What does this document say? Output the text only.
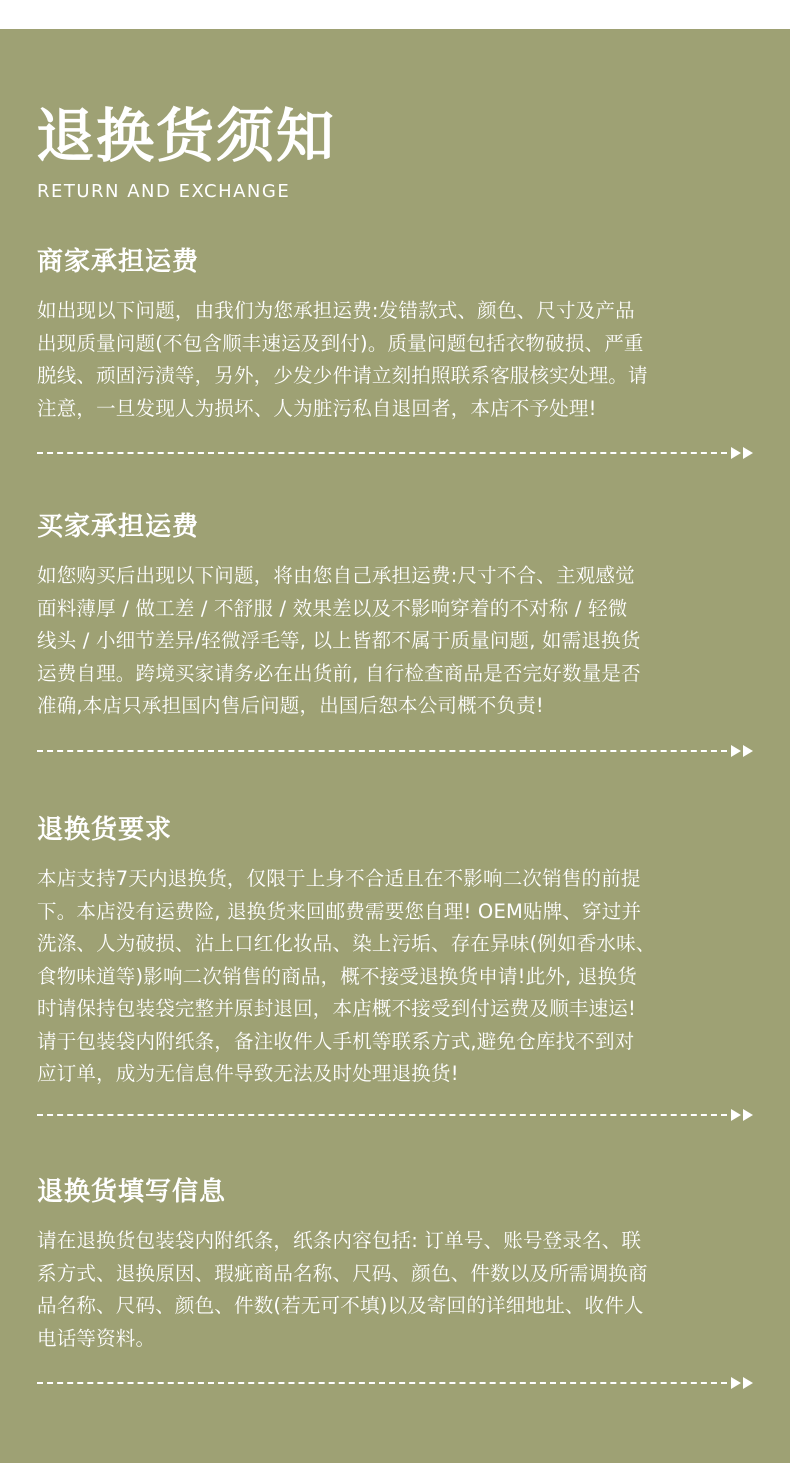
退换货须知
RETURN AND EXCHANGE
商家承担运费

如出现以下问题，由我们为您承担运费:发错款式、颜色、尺寸及产品
出现质量问题(不包含顺丰速运及到付)。质量问题包括衣物破损、严重
脱线、顽固污渍等，另外，少发少件请立刻拍照联系客服核实处理。请
注意，一旦发现人为损坏、人为脏污私自退回者，本店不予处理!

买家承担运费

如您购买后出现以下问题，将由您自己承担运费:尺寸不合、主观感觉
面料薄厚 / 做工差 / 不舒服 / 效果差以及不影响穿着的不对称 / 轻微
线头 / 小细节差异/轻微浮毛等, 以上皆都不属于质量问题, 如需退换货
运费自理。跨境买家请务必在出货前, 自行检查商品是否完好数量是否
准确,本店只承担国内售后问题，出国后恕本公司概不负责!

退换货要求

本店支持7天内退换货，仅限于上身不合适且在不影响二次销售的前提
下。本店没有运费险, 退换货来回邮费需要您自理! OEM贴牌、穿过并
洗涤、人为破损、沾上口红化妆品、染上污垢、存在异味(例如香水味、
食物味道等)影响二次销售的商品，概不接受退换货申请!此外, 退换货
时请保持包装袋完整并原封退回，本店概不接受到付运费及顺丰速运!
请于包装袋内附纸条，备注收件人手机等联系方式,避免仓库找不到对
应订单，成为无信息件导致无法及时处理退换货!

退换货填写信息

请在退换货包装袋内附纸条，纸条内容包括: 订单号、账号登录名、联
系方式、退换原因、瑕疵商品名称、尺码、颜色、件数以及所需调换商
品名称、尺码、颜色、件数(若无可不填)以及寄回的详细地址、收件人
电话等资料。
